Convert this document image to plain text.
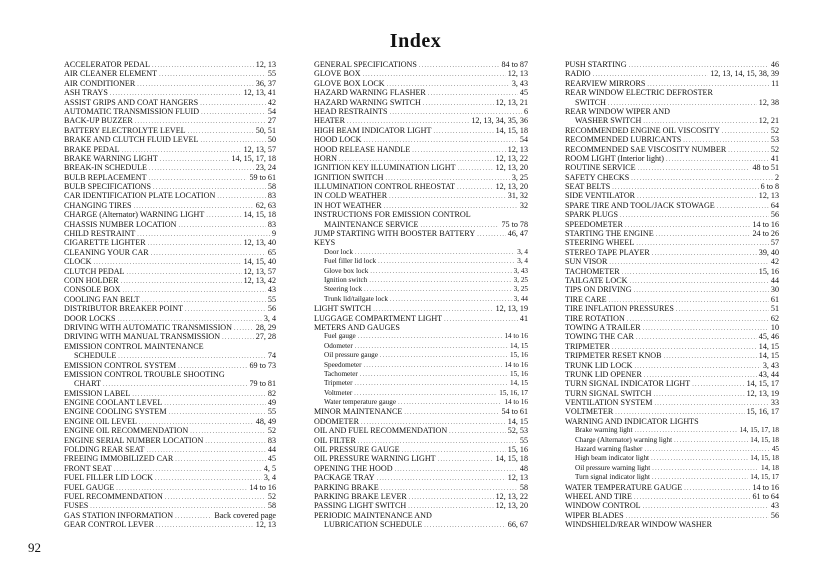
Index
ACCELERATOR PEDAL .....	12, 13
AIR CLEANER ELEMENT .....	55
AIR CONDITIONER .....	36, 37
ASH TRAYS .....	12, 13, 41
ASSIST GRIPS AND COAT HANGERS .....	42
AUTOMATIC TRANSMISSION FLUID .....	54
BACK-UP BUZZER .....	27
BATTERY ELECTROLYTE LEVEL .....	50, 51
BRAKE AND CLUTCH FLUID LEVEL .....	50
BRAKE PEDAL .....	12, 13, 57
BRAKE WARNING LIGHT .....	14, 15, 17, 18
BREAK-IN SCHEDULE .....	23, 24
BULB REPLACEMENT .....	59 to 61
BULB SPECIFICATIONS .....	58
CAR IDENTIFICATION PLATE LOCATION .....	83
CHANGING TIRES .....	62, 63
CHARGE (Alternator) WARNING LIGHT .....	14, 15, 18
CHASSIS NUMBER LOCATION .....	83
CHILD RESTRAINT .....	9
CIGARETTE LIGHTER .....	12, 13, 40
CLEANING YOUR CAR .....	65
CLOCK .....	14, 15, 40
CLUTCH PEDAL .....	12, 13, 57
COIN HOLDER .....	12, 13, 42
CONSOLE BOX .....	43
COOLING FAN BELT .....	55
DISTRIBUTOR BREAKER POINT .....	56
DOOR LOCKS .....	3, 4
DRIVING WITH AUTOMATIC TRANSMISSION .....	28, 29
DRIVING WITH MANUAL TRANSMISSION .....	27, 28
EMISSION CONTROL MAINTENANCE
SCHEDULE .....	74
EMISSION CONTROL SYSTEM .....	69 to 73
EMISSION CONTROL TROUBLE SHOOTING
CHART .....	79 to 81
EMISSION LABEL .....	82
ENGINE COOLANT LEVEL .....	49
ENGINE COOLING SYSTEM .....	55
ENGINE OIL LEVEL .....	48, 49
ENGINE OIL RECOMMENDATION .....	52
ENGINE SERIAL NUMBER LOCATION .....	83
FOLDING REAR SEAT .....	44
FREEING IMMOBILIZED CAR .....	45
FRONT SEAT .....	4, 5
FUEL FILLER LID LOCK .....	3, 4
FUEL GAUGE .....	14 to 16
FUEL RECOMMENDATION .....	52
FUSES .....	58
GAS STATION INFORMATION .....	Back covered page
GEAR CONTROL LEVER .....	12, 13
GENERAL SPECIFICATIONS .....	84 to 87
GLOVE BOX .....	12, 13
GLOVE BOX LOCK .....	3, 43
HAZARD WARNING FLASHER .....	45
HAZARD WARNING SWITCH .....	12, 13, 21
HEAD RESTRAINTS .....	6
HEATER .....	12, 13, 34, 35, 36
HIGH BEAM INDICATOR LIGHT .....	14, 15, 18
HOOD LOCK .....	54
HOOD RELEASE HANDLE .....	12, 13
HORN .....	12, 13, 22
IGNITION KEY ILLUMINATION LIGHT .....	12, 13, 20
IGNITION SWITCH .....	3, 25
ILLUMINATION CONTROL RHEOSTAT .....	12, 13, 20
IN COLD WEATHER .....	31, 32
IN HOT WEATHER .....	32
INSTRUCTIONS FOR EMISSION CONTROL
MAINTENANCE SERVICE .....	75 to 78
JUMP STARTING WITH BOOSTER BATTERY .....	46, 47
KEYS
Door lock .....	3, 4
Fuel filler lid lock .....	3, 4
Glove box lock .....	3, 43
Ignition switch .....	3, 25
Steering lock .....	3, 25
Trunk lid/tailgate lock .....	3, 44
LIGHT SWITCH .....	12, 13, 19
LUGGAGE COMPARTMENT LIGHT .....	41
METERS AND GAUGES
Fuel gauge .....	14 to 16
Odometer .....	14, 15
Oil pressure gauge .....	15, 16
Speedometer .....	14 to 16
Tachometer .....	15, 16
Tripmeter .....	14, 15
Voltmeter .....	15, 16, 17
Water temperature gauge .....	14 to 16
MINOR MAINTENANCE .....	54 to 61
ODOMETER .....	14, 15
OIL AND FUEL RECOMMENDATION .....	52, 53
OIL FILTER .....	55
OIL PRESSURE GAUGE .....	15, 16
OIL PRESSURE WARNING LIGHT .....	14, 15, 18
OPENING THE HOOD .....	48
PACKAGE TRAY .....	12, 13
PARKING BRAKE .....	58
PARKING BRAKE LEVER .....	12, 13, 22
PASSING LIGHT SWITCH .....	12, 13, 20
PERIODIC MAINTENANCE AND
LUBRICATION SCHEDULE .....	66, 67
PUSH STARTING .....	46
RADIO .....	12, 13, 14, 15, 38, 39
REARVIEW MIRRORS .....	11
REAR WINDOW ELECTRIC DEFROSTER
SWITCH .....	12, 38
REAR WINDOW WIPER AND
WASHER SWITCH .....	12, 21
RECOMMENDED ENGINE OIL VISCOSITY .....	52
RECOMMENDED LUBRICANTS .....	53
RECOMMENDED SAE VISCOSITY NUMBER .....	52
ROOM LIGHT (Interior light) .....	41
ROUTINE SERVICE .....	48 to 51
SAFETY CHECKS .....	2
SEAT BELTS .....	6 to 8
SIDE VENTILATOR .....	12, 13
SPARE TIRE AND TOOL/JACK STOWAGE .....	64
SPARK PLUGS .....	56
SPEEDOMETER .....	14 to 16
STARTING THE ENGINE .....	24 to 26
STEERING WHEEL .....	57
STEREO TAPE PLAYER .....	39, 40
SUN VISOR .....	42
TACHOMETER .....	15, 16
TAILGATE LOCK .....	44
TIPS ON DRIVING .....	30
TIRE CARE .....	61
TIRE INFLATION PRESSURES .....	51
TIRE ROTATION .....	62
TOWING A TRAILER .....	10
TOWING THE CAR .....	45, 46
TRIPMETER .....	14, 15
TRIPMETER RESET KNOB .....	14, 15
TRUNK LID LOCK .....	3, 43
TRUNK LID OPENER .....	43, 44
TURN SIGNAL INDICATOR LIGHT .....	14, 15, 17
TURN SIGNAL SWITCH .....	12, 13, 19
VENTILATION SYSTEM .....	33
VOLTMETER .....	15, 16, 17
WARNING AND INDICATOR LIGHTS
Brake warning light .....	14, 15, 17, 18
Charge (Alternator) warning light .....	14, 15, 18
Hazard warning flasher .....	45
High beam indicator light .....	14, 15, 18
Oil pressure warning light .....	14, 18
Turn signal indicator light .....	14, 15, 17
WATER TEMPERATURE GAUGE .....	14 to 16
WHEEL AND TIRE .....	61 to 64
WINDOW CONTROL .....	43
WIPER BLADES .....	56
WINDSHIELD/REAR WINDOW WASHER
92
